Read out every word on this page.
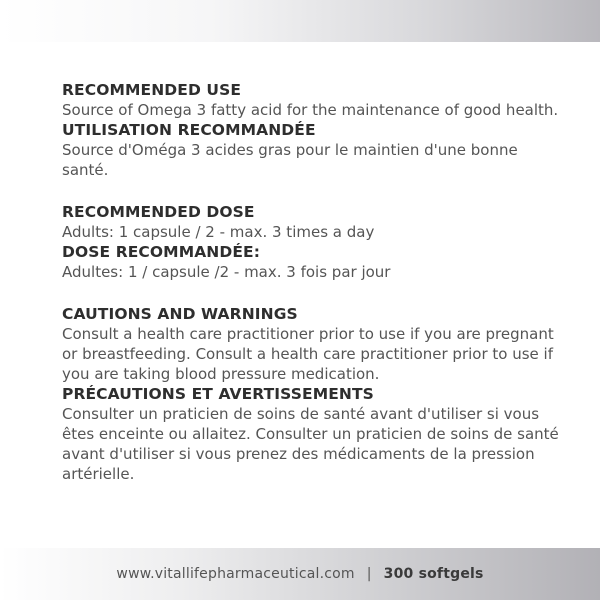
RECOMMENDED USE
Source of Omega 3 fatty acid for the maintenance of good health.
UTILISATION RECOMMANDÉE
Source d'Oméga 3 acides gras pour le maintien d'une bonne santé.
RECOMMENDED DOSE
Adults: 1 capsule / 2 - max. 3 times a day
DOSE RECOMMANDÉE:
Adultes: 1 / capsule /2 - max. 3 fois par jour
CAUTIONS AND WARNINGS
Consult a health care practitioner prior to use if you are pregnant or breastfeeding. Consult a health care practitioner prior to use if you are taking blood pressure medication.
PRÉCAUTIONS ET AVERTISSEMENTS
Consulter un praticien de soins de santé avant d'utiliser si vous êtes enceinte ou allaitez. Consulter un praticien de soins de santé avant d'utiliser si vous prenez des médicaments de la pression artérielle.
www.vitallifepharmaceutical.com | 300 softgels
